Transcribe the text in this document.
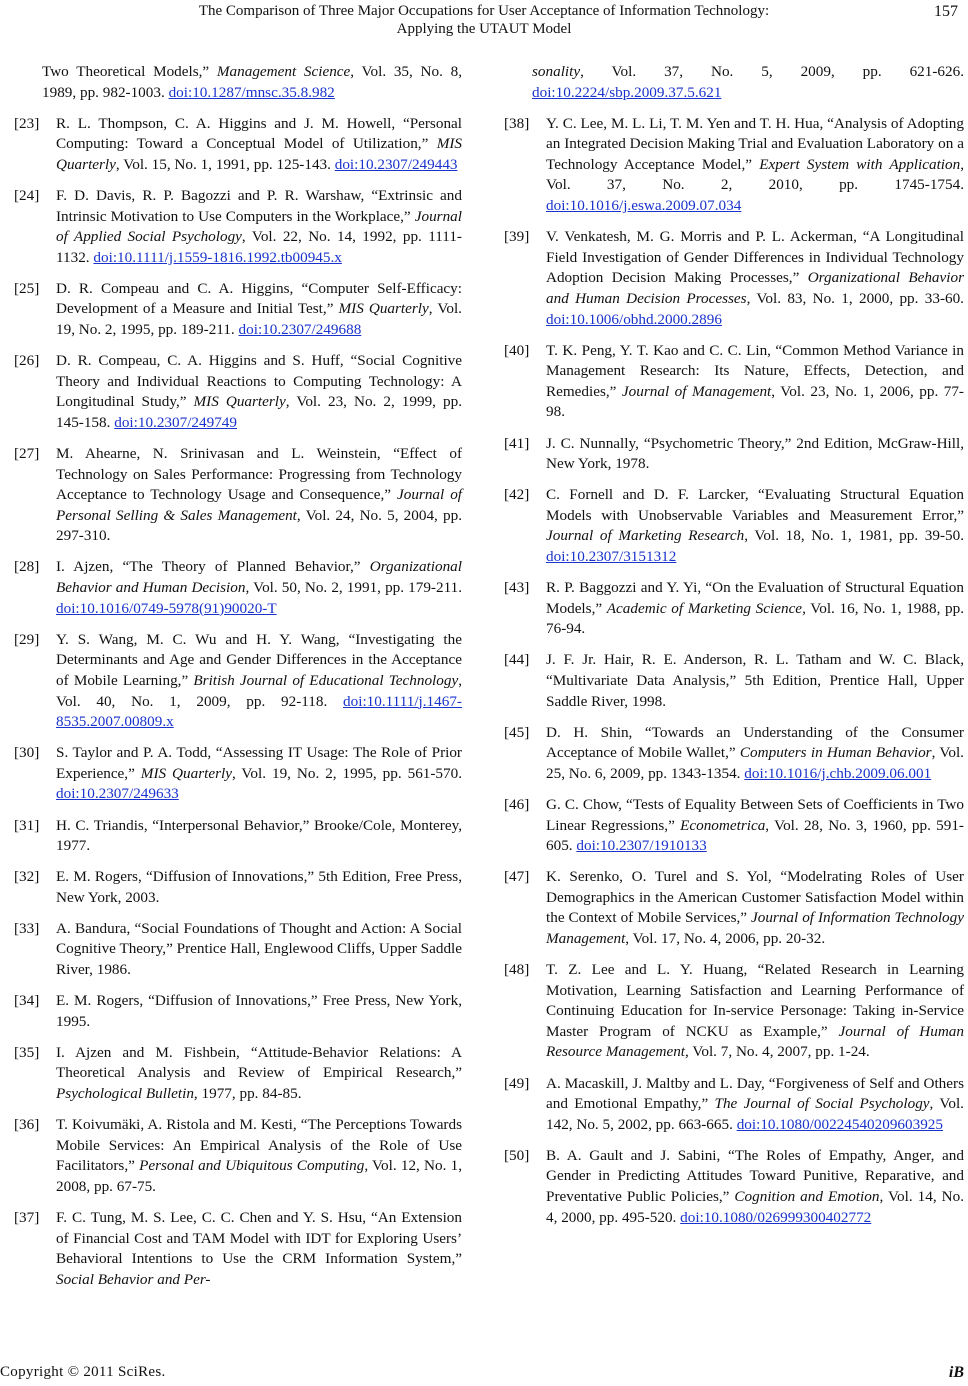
The Comparison of Three Major Occupations for User Acceptance of Information Technology:
Applying the UTAUT Model
157
Two Theoretical Models,” Management Science, Vol. 35, No. 8, 1989, pp. 982-1003. doi:10.1287/mnsc.35.8.982
[23] R. L. Thompson, C. A. Higgins and J. M. Howell, “Personal Computing: Toward a Conceptual Model of Utilization,” MIS Quarterly, Vol. 15, No. 1, 1991, pp. 125-143. doi:10.2307/249443
[24] F. D. Davis, R. P. Bagozzi and P. R. Warshaw, “Extrinsic and Intrinsic Motivation to Use Computers in the Workplace,” Journal of Applied Social Psychology, Vol. 22, No. 14, 1992, pp. 1111-1132. doi:10.1111/j.1559-1816.1992.tb00945.x
[25] D. R. Compeau and C. A. Higgins, “Computer Self-Efficacy: Development of a Measure and Initial Test,” MIS Quarterly, Vol. 19, No. 2, 1995, pp. 189-211. doi:10.2307/249688
[26] D. R. Compeau, C. A. Higgins and S. Huff, “Social Cognitive Theory and Individual Reactions to Computing Technology: A Longitudinal Study,” MIS Quarterly, Vol. 23, No. 2, 1999, pp. 145-158. doi:10.2307/249749
[27] M. Ahearne, N. Srinivasan and L. Weinstein, “Effect of Technology on Sales Performance: Progressing from Technology Acceptance to Technology Usage and Consequence,” Journal of Personal Selling & Sales Management, Vol. 24, No. 5, 2004, pp. 297-310.
[28] I. Ajzen, “The Theory of Planned Behavior,” Organizational Behavior and Human Decision, Vol. 50, No. 2, 1991, pp. 179-211. doi:10.1016/0749-5978(91)90020-T
[29] Y. S. Wang, M. C. Wu and H. Y. Wang, “Investigating the Determinants and Age and Gender Differences in the Acceptance of Mobile Learning,” British Journal of Educational Technology, Vol. 40, No. 1, 2009, pp. 92-118. doi:10.1111/j.1467-8535.2007.00809.x
[30] S. Taylor and P. A. Todd, “Assessing IT Usage: The Role of Prior Experience,” MIS Quarterly, Vol. 19, No. 2, 1995, pp. 561-570. doi:10.2307/249633
[31] H. C. Triandis, “Interpersonal Behavior,” Brooke/Cole, Monterey, 1977.
[32] E. M. Rogers, “Diffusion of Innovations,” 5th Edition, Free Press, New York, 2003.
[33] A. Bandura, “Social Foundations of Thought and Action: A Social Cognitive Theory,” Prentice Hall, Englewood Cliffs, Upper Saddle River, 1986.
[34] E. M. Rogers, “Diffusion of Innovations,” Free Press, New York, 1995.
[35] I. Ajzen and M. Fishbein, “Attitude-Behavior Relations: A Theoretical Analysis and Review of Empirical Research,” Psychological Bulletin, 1977, pp. 84-85.
[36] T. Koivumäki, A. Ristola and M. Kesti, “The Perceptions Towards Mobile Services: An Empirical Analysis of the Role of Use Facilitators,” Personal and Ubiquitous Computing, Vol. 12, No. 1, 2008, pp. 67-75.
[37] F. C. Tung, M. S. Lee, C. C. Chen and Y. S. Hsu, “An Extension of Financial Cost and TAM Model with IDT for Exploring Users’ Behavioral Intentions to Use the CRM Information System,” Social Behavior and Per-
sonality, Vol. 37, No. 5, 2009, pp. 621-626. doi:10.2224/sbp.2009.37.5.621
[38] Y. C. Lee, M. L. Li, T. M. Yen and T. H. Hua, “Analysis of Adopting an Integrated Decision Making Trial and Evaluation Laboratory on a Technology Acceptance Model,” Expert System with Application, Vol. 37, No. 2, 2010, pp. 1745-1754. doi:10.1016/j.eswa.2009.07.034
[39] V. Venkatesh, M. G. Morris and P. L. Ackerman, “A Longitudinal Field Investigation of Gender Differences in Individual Technology Adoption Decision Making Processes,” Organizational Behavior and Human Decision Processes, Vol. 83, No. 1, 2000, pp. 33-60. doi:10.1006/obhd.2000.2896
[40] T. K. Peng, Y. T. Kao and C. C. Lin, “Common Method Variance in Management Research: Its Nature, Effects, Detection, and Remedies,” Journal of Management, Vol. 23, No. 1, 2006, pp. 77-98.
[41] J. C. Nunnally, “Psychometric Theory,” 2nd Edition, McGraw-Hill, New York, 1978.
[42] C. Fornell and D. F. Larcker, “Evaluating Structural Equation Models with Unobservable Variables and Measurement Error,” Journal of Marketing Research, Vol. 18, No. 1, 1981, pp. 39-50. doi:10.2307/3151312
[43] R. P. Baggozzi and Y. Yi, “On the Evaluation of Structural Equation Models,” Academic of Marketing Science, Vol. 16, No. 1, 1988, pp. 76-94.
[44] J. F. Jr. Hair, R. E. Anderson, R. L. Tatham and W. C. Black, “Multivariate Data Analysis,” 5th Edition, Prentice Hall, Upper Saddle River, 1998.
[45] D. H. Shin, “Towards an Understanding of the Consumer Acceptance of Mobile Wallet,” Computers in Human Behavior, Vol. 25, No. 6, 2009, pp. 1343-1354. doi:10.1016/j.chb.2009.06.001
[46] G. C. Chow, “Tests of Equality Between Sets of Coefficients in Two Linear Regressions,” Econometrica, Vol. 28, No. 3, 1960, pp. 591-605. doi:10.2307/1910133
[47] K. Serenko, O. Turel and S. Yol, “Modelrating Roles of User Demographics in the American Customer Satisfaction Model within the Context of Mobile Services,” Journal of Information Technology Management, Vol. 17, No. 4, 2006, pp. 20-32.
[48] T. Z. Lee and L. Y. Huang, “Related Research in Learning Motivation, Learning Satisfaction and Learning Performance of Continuing Education for In-service Personage: Taking in-Service Master Program of NCKU as Example,” Journal of Human Resource Management, Vol. 7, No. 4, 2007, pp. 1-24.
[49] A. Macaskill, J. Maltby and L. Day, “Forgiveness of Self and Others and Emotional Empathy,” The Journal of Social Psychology, Vol. 142, No. 5, 2002, pp. 663-665. doi:10.1080/00224540209603925
[50] B. A. Gault and J. Sabini, “The Roles of Empathy, Anger, and Gender in Predicting Attitudes Toward Punitive, Reparative, and Preventative Public Policies,” Cognition and Emotion, Vol. 14, No. 4, 2000, pp. 495-520. doi:10.1080/026999300402772
Copyright © 2011 SciRes.	iB
